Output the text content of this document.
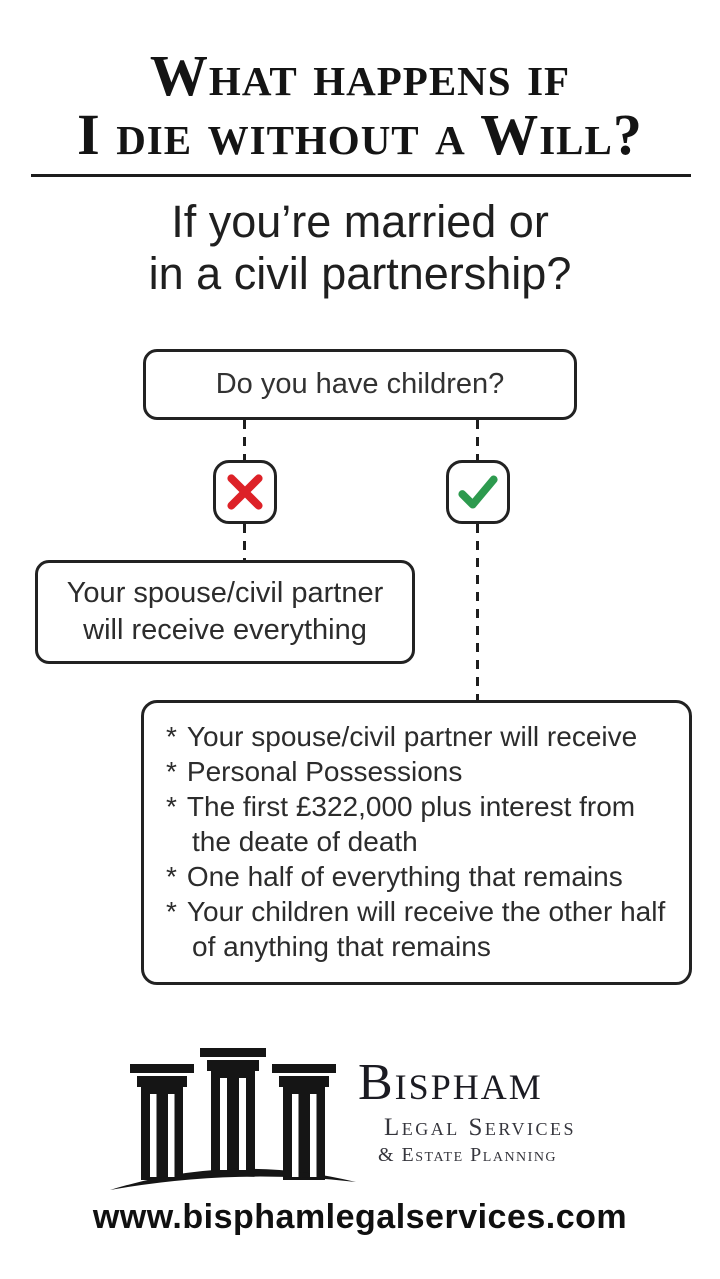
What happens if
I die without a Will?
If you’re married or
in a civil partnership?
Do you have children?
Your spouse/civil partner
will receive everything
* Your spouse/civil partner will receive
* Personal Possessions
* The first £322,000 plus interest from the deate of death
* One half of everything that remains
* Your children will receive the other half of anything that remains
Bispham
Legal Services
& Estate Planning
www.bisphamlegalservices.com
